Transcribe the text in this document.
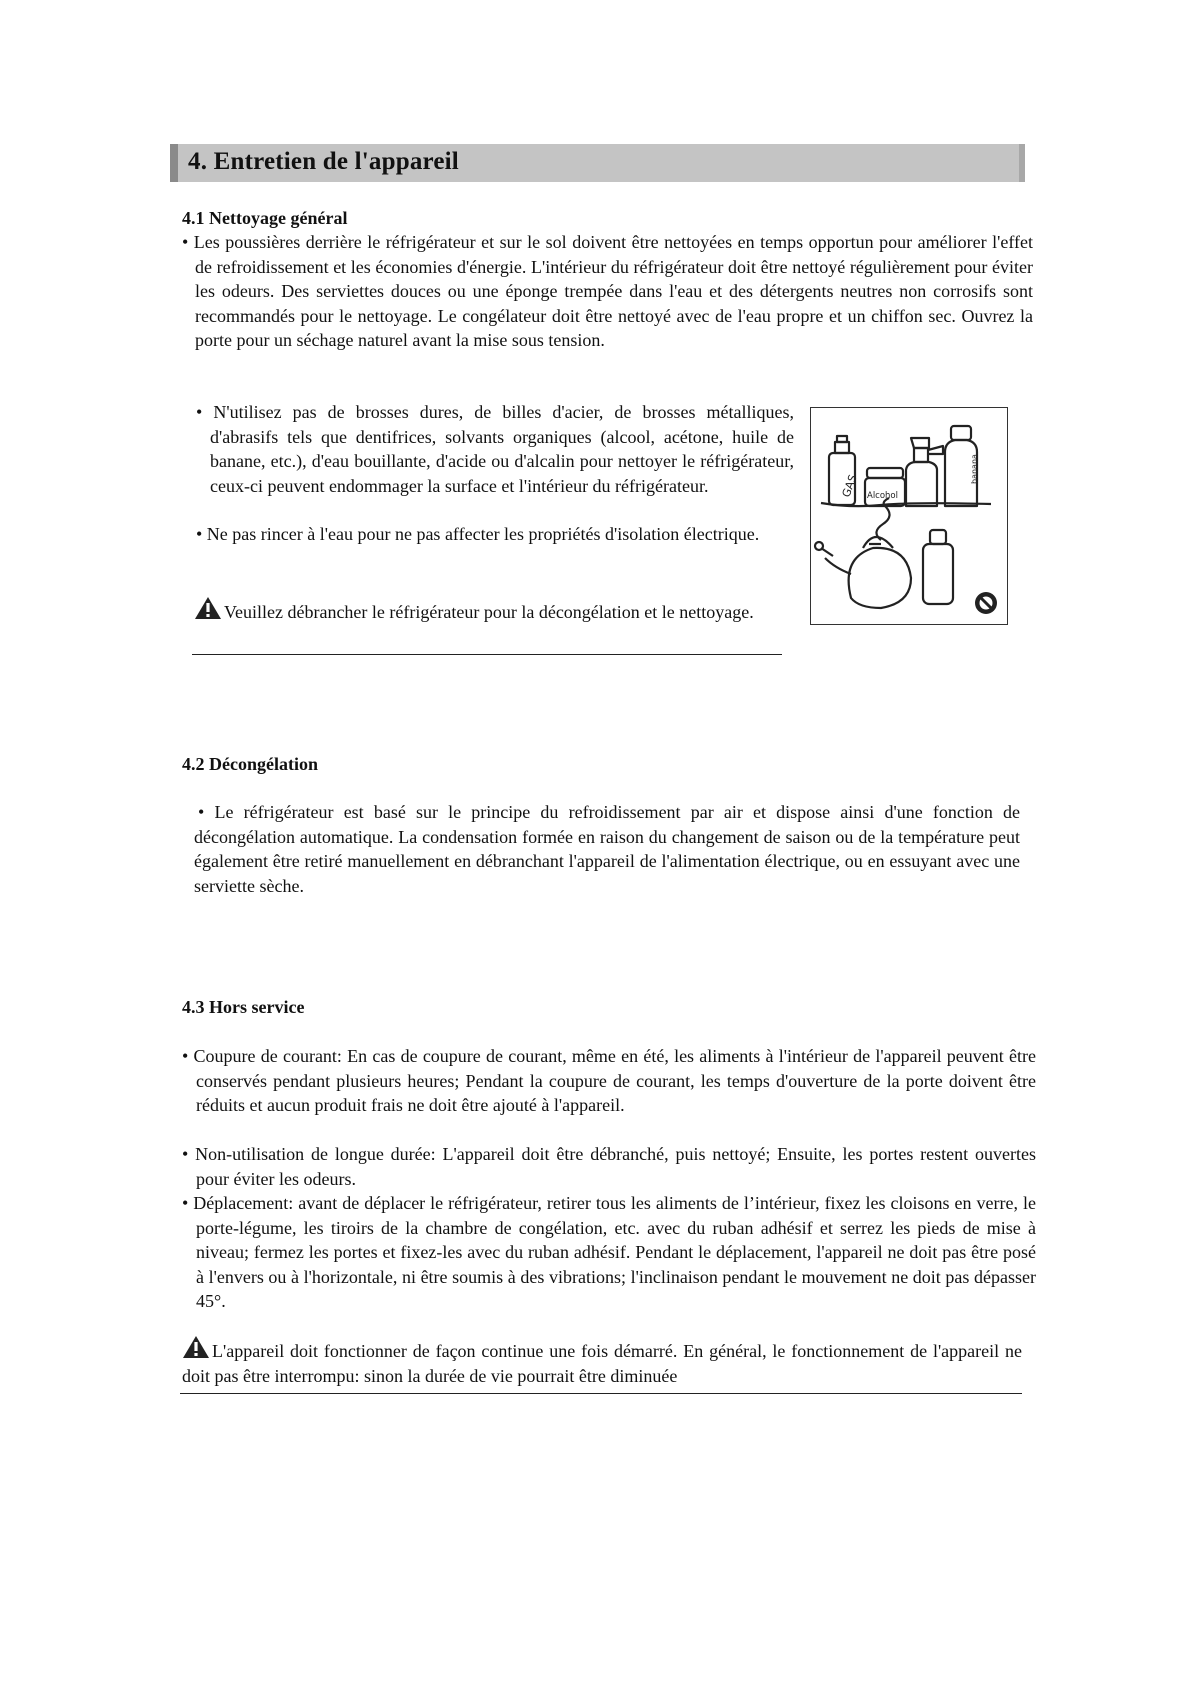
4. Entretien de l'appareil
4.1 Nettoyage général
• Les poussières derrière le réfrigérateur et sur le sol doivent être nettoyées en temps opportun pour améliorer l'effet de refroidissement et les économies d'énergie. L'intérieur du réfrigérateur doit être nettoyé régulièrement pour éviter les odeurs. Des serviettes douces ou une éponge trempée dans l'eau et des détergents neutres non corrosifs sont recommandés pour le nettoyage. Le congélateur doit être nettoyé avec de l'eau propre et un chiffon sec. Ouvrez la porte pour un séchage naturel avant la mise sous tension.
• N'utilisez pas de brosses dures, de billes d'acier, de brosses métalliques, d'abrasifs tels que dentifrices, solvants organiques (alcool, acétone, huile de banane, etc.), d'eau bouillante, d'acide ou d'alcalin pour nettoyer le réfrigérateur, ceux-ci peuvent endommager la surface et l'intérieur du réfrigérateur.
• Ne pas rincer à l'eau pour ne pas affecter les propriétés d'isolation électrique.
Veuillez débrancher le réfrigérateur pour la décongélation et le nettoyage.
GAS Alcohol
banana
4.2 Décongélation
• Le réfrigérateur est basé sur le principe du refroidissement par air et dispose ainsi d'une fonction de décongélation automatique. La condensation formée en raison du changement de saison ou de la température peut également être retiré manuellement en débranchant l'appareil de l'alimentation électrique, ou en essuyant avec une serviette sèche.
4.3 Hors service
• Coupure de courant: En cas de coupure de courant, même en été, les aliments à l'intérieur de l'appareil peuvent être conservés pendant plusieurs heures; Pendant la coupure de courant, les temps d'ouverture de la porte doivent être réduits et aucun produit frais ne doit être ajouté à l'appareil.
• Non-utilisation de longue durée: L'appareil doit être débranché, puis nettoyé; Ensuite, les portes restent ouvertes pour éviter les odeurs.
• Déplacement: avant de déplacer le réfrigérateur, retirer tous les aliments de l’intérieur, fixez les cloisons en verre, le porte-légume, les tiroirs de la chambre de congélation, etc. avec du ruban adhésif et serrez les pieds de mise à niveau; fermez les portes et fixez-les avec du ruban adhésif. Pendant le déplacement, l'appareil ne doit pas être posé à l'envers ou à l'horizontale, ni être soumis à des vibrations; l'inclinaison pendant le mouvement ne doit pas dépasser 45°.
L'appareil doit fonctionner de façon continue une fois démarré. En général, le fonctionnement de l'appareil ne doit pas être interrompu: sinon la durée de vie pourrait être diminuée
